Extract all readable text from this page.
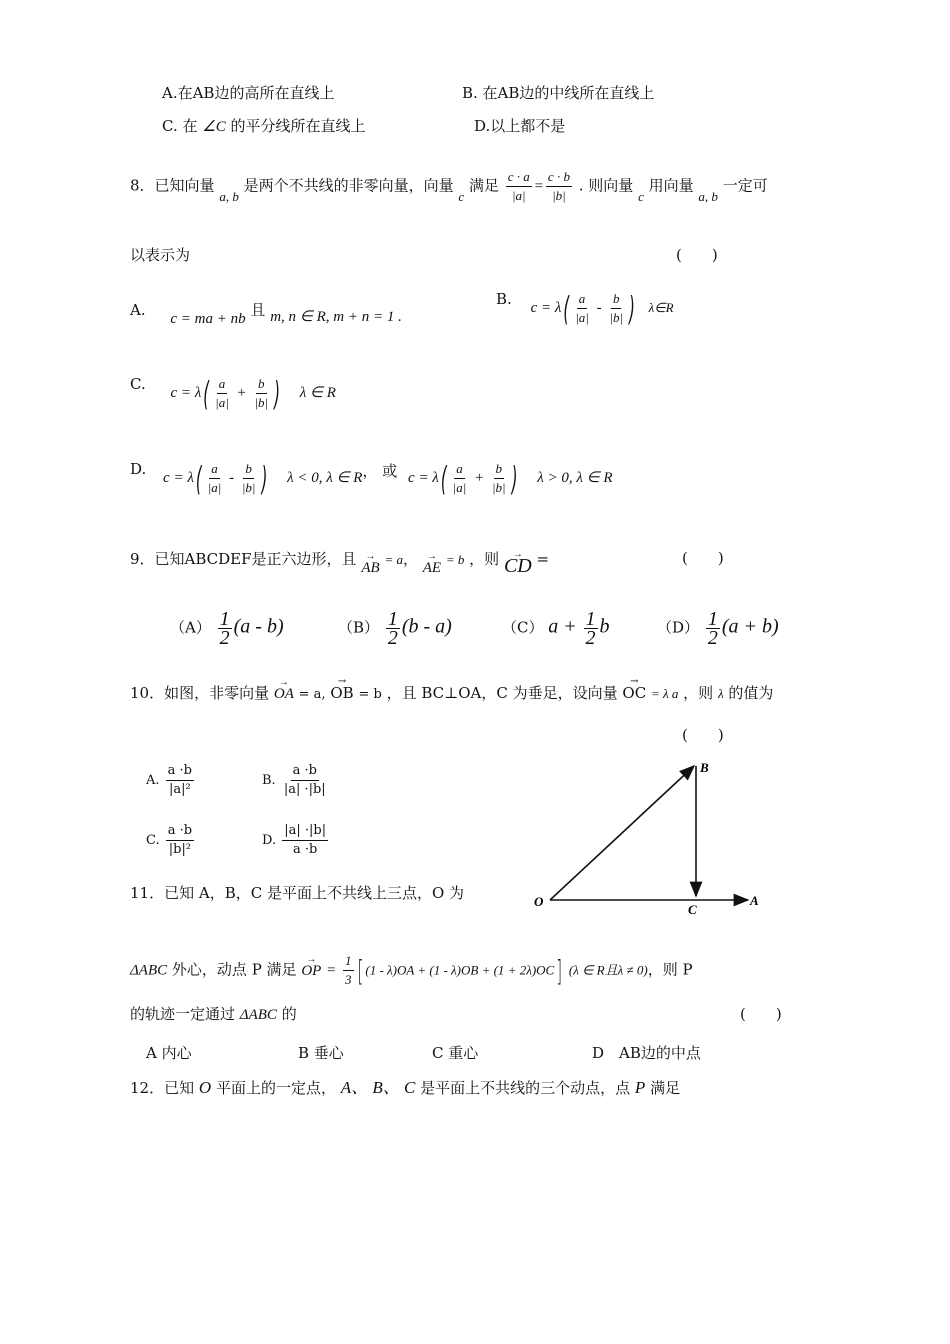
A.在AB边的高所在直线上	B. 在AB边的中线所在直线上
C. 在 ∠C 的平分线所在直线上	D.以上都不是
8．已知向量 a, b 是两个不共线的非零向量，向量 c 满足 $\frac{c \cdot a}{|a|} = \frac{c \cdot b}{|b|}$ . 则向量 c 用向量 a, b 一定可
以表示为	(　　)
A. c = ma + nb 且 m, n ∈ R, m + n = 1 .
B. c = λ ( $\frac{a}{|a|} - \frac{b}{|b|}$ ) λ∈R
C. c = λ ( $\frac{a}{|a|} + \frac{b}{|b|}$ ) λ ∈ R
D. c = λ ( $\frac{a}{|a|} - \frac{b}{|b|}$ ) λ < 0, λ ∈ R， 或 c = λ ( $\frac{a}{|a|} + \frac{b}{|b|}$ ) λ > 0, λ ∈ R
9．已知ABCDEF是正六边形，且 → AB = a， → AE = b ，则 → CD =	(　　)
$(A) \frac{1}{2} (a - b)$	$(B) \frac{1}{2} (b - a)$	（C） $a + \frac{1}{2}$ b	$(D) \frac{1}{2} (a + b)$
10．如图，非零向量 → OA = a, → OB = b ，且 BC⊥OA，C 为垂足，设向量 → OC = λ a ，则 λ 的值为
(　　)
A. $\frac{a \cdot b}{\text{|a|²}}$	B. $\frac{a \cdot b}{|a| \cdot|b|}$
C. $\frac{a \cdot b}{\text{|b|²}}$	D. $\frac{|a| \cdot|b|}{a \cdot b}$
O	A
B
C
11．已知 A，B，C 是平面上不共线上三点，O 为
ΔABC 外心，动点 P 满足 → OP = $\frac{1}{3}$ [ (1 - λ)OA + (1 - λ)OB + (1 + 2λ)OC ] (λ ∈ R且λ ≠ 0)，则 P
的轨迹一定通过 ΔABC 的	(　　)
A 内心	B 垂心	C 重心	D　AB边的中点
12．已知 O 平面上的一定点， A、 B、 C 是平面上不共线的三个动点，点 P 满足
